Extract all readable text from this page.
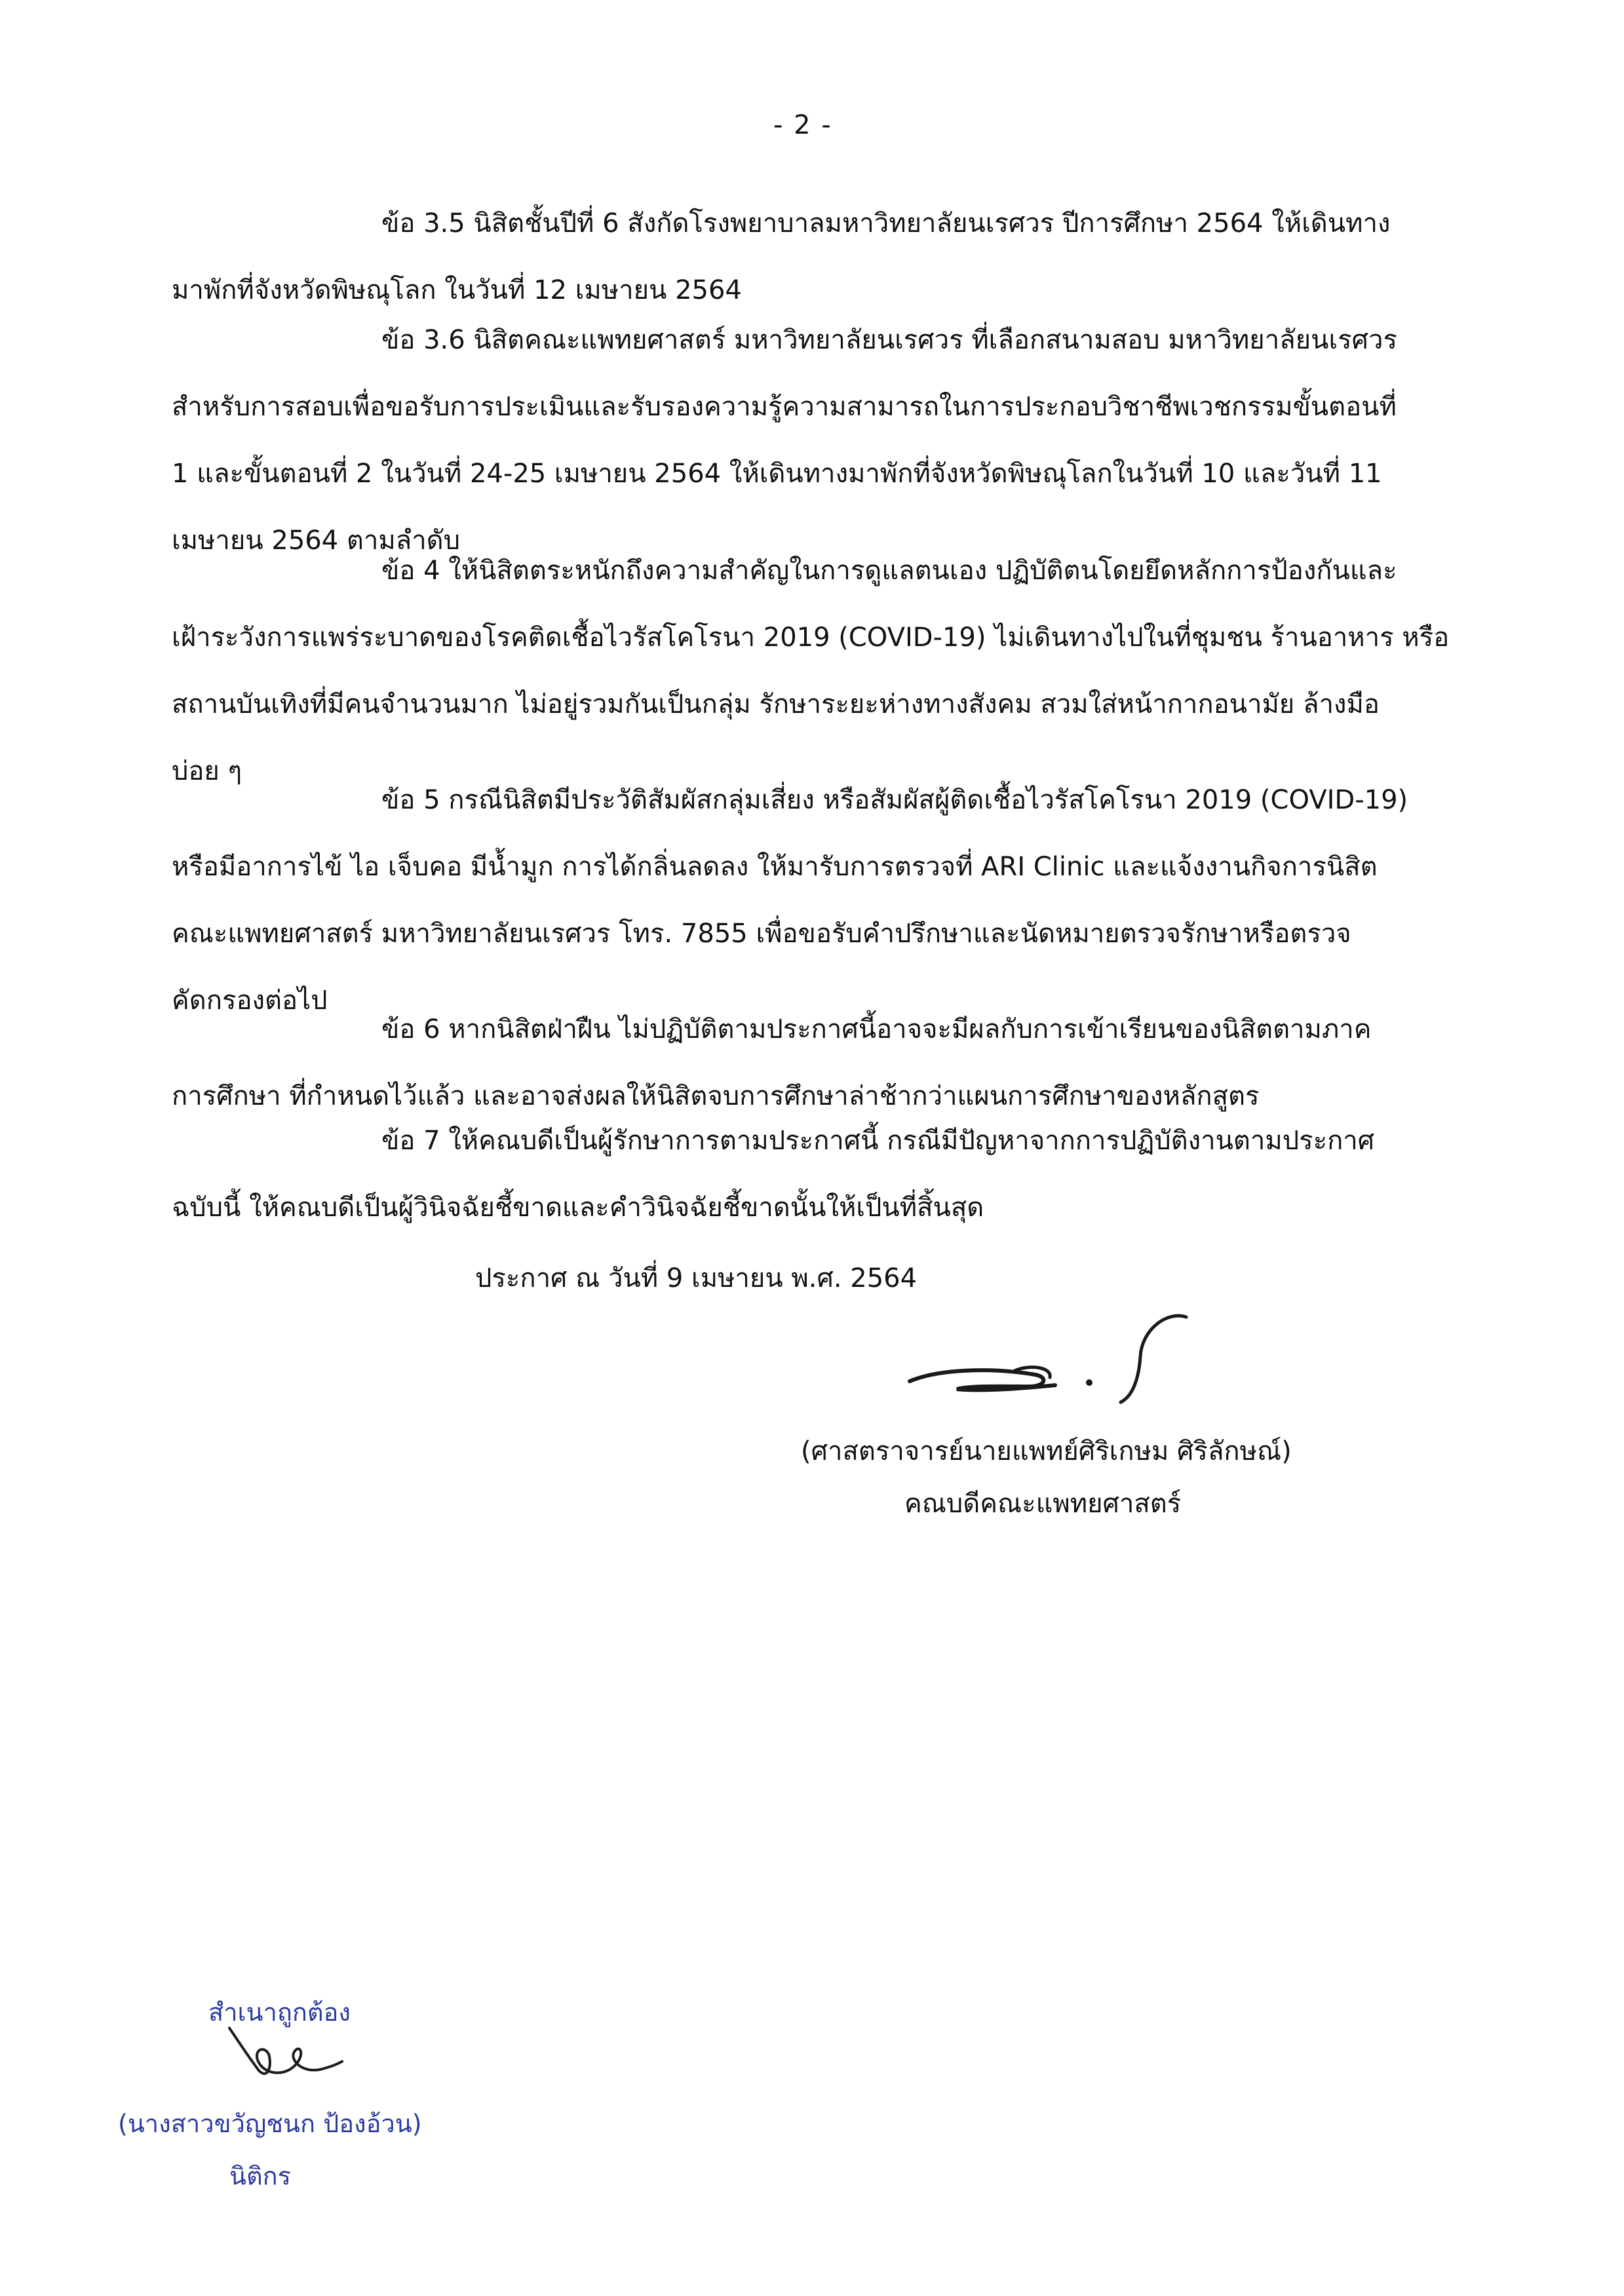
- 2 -
ข้อ 3.5 นิสิตชั้นปีที่ 6 สังกัดโรงพยาบาลมหาวิทยาลัยนเรศวร ปีการศึกษา 2564 ให้เดินทาง
มาพักที่จังหวัดพิษณุโลก ในวันที่ 12 เมษายน 2564
ข้อ 3.6 นิสิตคณะแพทยศาสตร์ มหาวิทยาลัยนเรศวร ที่เลือกสนามสอบ มหาวิทยาลัยนเรศวร
สำหรับการสอบเพื่อขอรับการประเมินและรับรองความรู้ความสามารถในการประกอบวิชาชีพเวชกรรมขั้นตอนที่
1 และขั้นตอนที่ 2 ในวันที่ 24-25 เมษายน 2564 ให้เดินทางมาพักที่จังหวัดพิษณุโลกในวันที่ 10 และวันที่ 11
เมษายน 2564 ตามลำดับ
ข้อ 4 ให้นิสิตตระหนักถึงความสำคัญในการดูแลตนเอง ปฏิบัติตนโดยยึดหลักการป้องกันและ
เฝ้าระวังการแพร่ระบาดของโรคติดเชื้อไวรัสโคโรนา 2019 (COVID-19) ไม่เดินทางไปในที่ชุมชน ร้านอาหาร หรือ
สถานบันเทิงที่มีคนจำนวนมาก ไม่อยู่รวมกันเป็นกลุ่ม รักษาระยะห่างทางสังคม สวมใส่หน้ากากอนามัย ล้างมือ
บ่อย ๆ
ข้อ 5 กรณีนิสิตมีประวัติสัมผัสกลุ่มเสี่ยง หรือสัมผัสผู้ติดเชื้อไวรัสโคโรนา 2019 (COVID-19)
หรือมีอาการไข้ ไอ เจ็บคอ มีน้ำมูก การได้กลิ่นลดลง ให้มารับการตรวจที่ ARI Clinic และแจ้งงานกิจการนิสิต
คณะแพทยศาสตร์ มหาวิทยาลัยนเรศวร โทร. 7855 เพื่อขอรับคำปรึกษาและนัดหมายตรวจรักษาหรือตรวจ
คัดกรองต่อไป
ข้อ 6 หากนิสิตฝ่าฝืน ไม่ปฏิบัติตามประกาศนี้อาจจะมีผลกับการเข้าเรียนของนิสิตตามภาค
การศึกษา ที่กำหนดไว้แล้ว และอาจส่งผลให้นิสิตจบการศึกษาล่าช้ากว่าแผนการศึกษาของหลักสูตร
ข้อ 7 ให้คณบดีเป็นผู้รักษาการตามประกาศนี้ กรณีมีปัญหาจากการปฏิบัติงานตามประกาศ
ฉบับนี้ ให้คณบดีเป็นผู้วินิจฉัยชี้ขาดและคำวินิจฉัยชี้ขาดนั้นให้เป็นที่สิ้นสุด
ประกาศ ณ วันที่ 9 เมษายน พ.ศ. 2564
(ศาสตราจารย์นายแพทย์ศิริเกษม ศิริลักษณ์)
คณบดีคณะแพทยศาสตร์
สำเนาถูกต้อง
(นางสาวขวัญชนก ป้องอ้วน)
นิติกร
